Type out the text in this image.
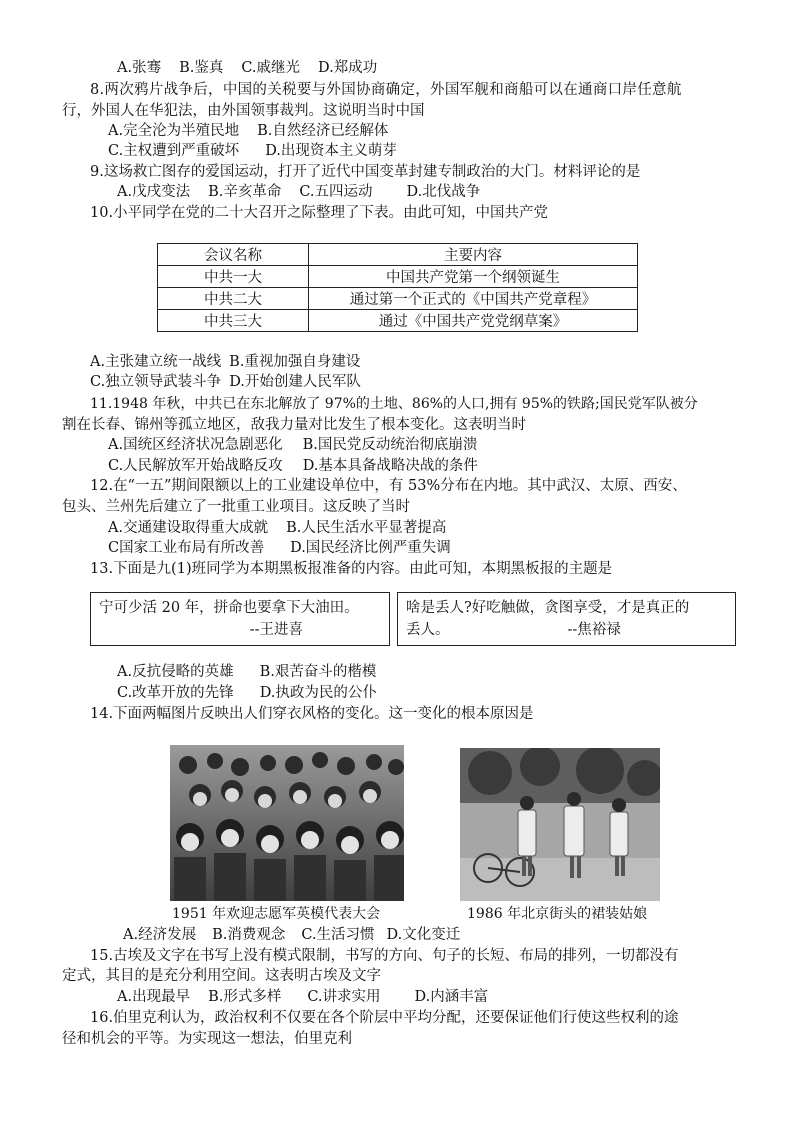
A.张骞 B.鉴真 C.戚继光 D.郑成功
8.两次鸦片战争后，中国的关税要与外国协商确定，外国军舰和商船可以在通商口岸任意航
行，外国人在华犯法，由外国领事裁判。这说明当时中国
A.完全沦为半殖民地 B.自然经济已经解体
C.主权遭到严重破坏 D.出现资本主义萌芽
9.这场救亡图存的爱国运动，打开了近代中国变革封建专制政治的大门。材料评论的是
A.戊戌变法 B.辛亥革命 C.五四运动 D.北伐战争
10.小平同学在党的二十大召开之际整理了下表。由此可知，中国共产党
会议名称	主要内容
中共一大	中国共产党第一个纲领诞生
中共二大	通过第一个正式的《中国共产党章程》
中共三大	通过《中国共产党党纲草案》
A.主张建立统一战线 B.重视加强自身建设
C.独立领导武装斗争 D.开始创建人民军队
11.1948 年秋，中共已在东北解放了 97%的土地、86%的人口,拥有 95%的铁路;国民党军队被分
割在长春、锦州等孤立地区，敌我力量对比发生了根本变化。这表明当时
A.国统区经济状况急剧恶化 B.国民党反动统治彻底崩溃
C.人民解放军开始战略反攻 D.基本具备战略决战的条件
12.在“一五”期间限额以上的工业建设单位中，有 53%分布在内地。其中武汉、太原、西安、
包头、兰州先后建立了一批重工业项目。这反映了当时
A.交通建设取得重大成就 B.人民生活水平显著提高
C国家工业布局有所改善 D.国民经济比例严重失调
13.下面是九(1)班同学为本期黑板报准备的内容。由此可知，本期黑板报的主题是
宁可少活 20 年，拼命也要拿下大油田。
--王进喜
啥是丢人?好吃触做，贪图享受，才是真正的
丢人。	--焦裕禄
A.反抗侵略的英雄 B.艰苦奋斗的楷模
C.改革开放的先锋 D.执政为民的公仆
14.下面两幅图片反映出人们穿衣风格的变化。这一变化的根本原因是
1951 年欢迎志愿军英模代表大会	1986 年北京街头的裙装姑娘
A.经济发展 B.消费观念 C.生活习惯 D.文化变迁
15.古埃及文字在书写上没有模式限制，书写的方向、句子的长短、布局的排列，一切都没有
定式，其目的是充分利用空间。这表明古埃及文字
A.出现最早 B.形式多样 C.讲求实用 D.内涵丰富
16.伯里克利认为，政治权利不仅要在各个阶层中平均分配，还要保证他们行使这些权利的途
径和机会的平等。为实现这一想法，伯里克利
